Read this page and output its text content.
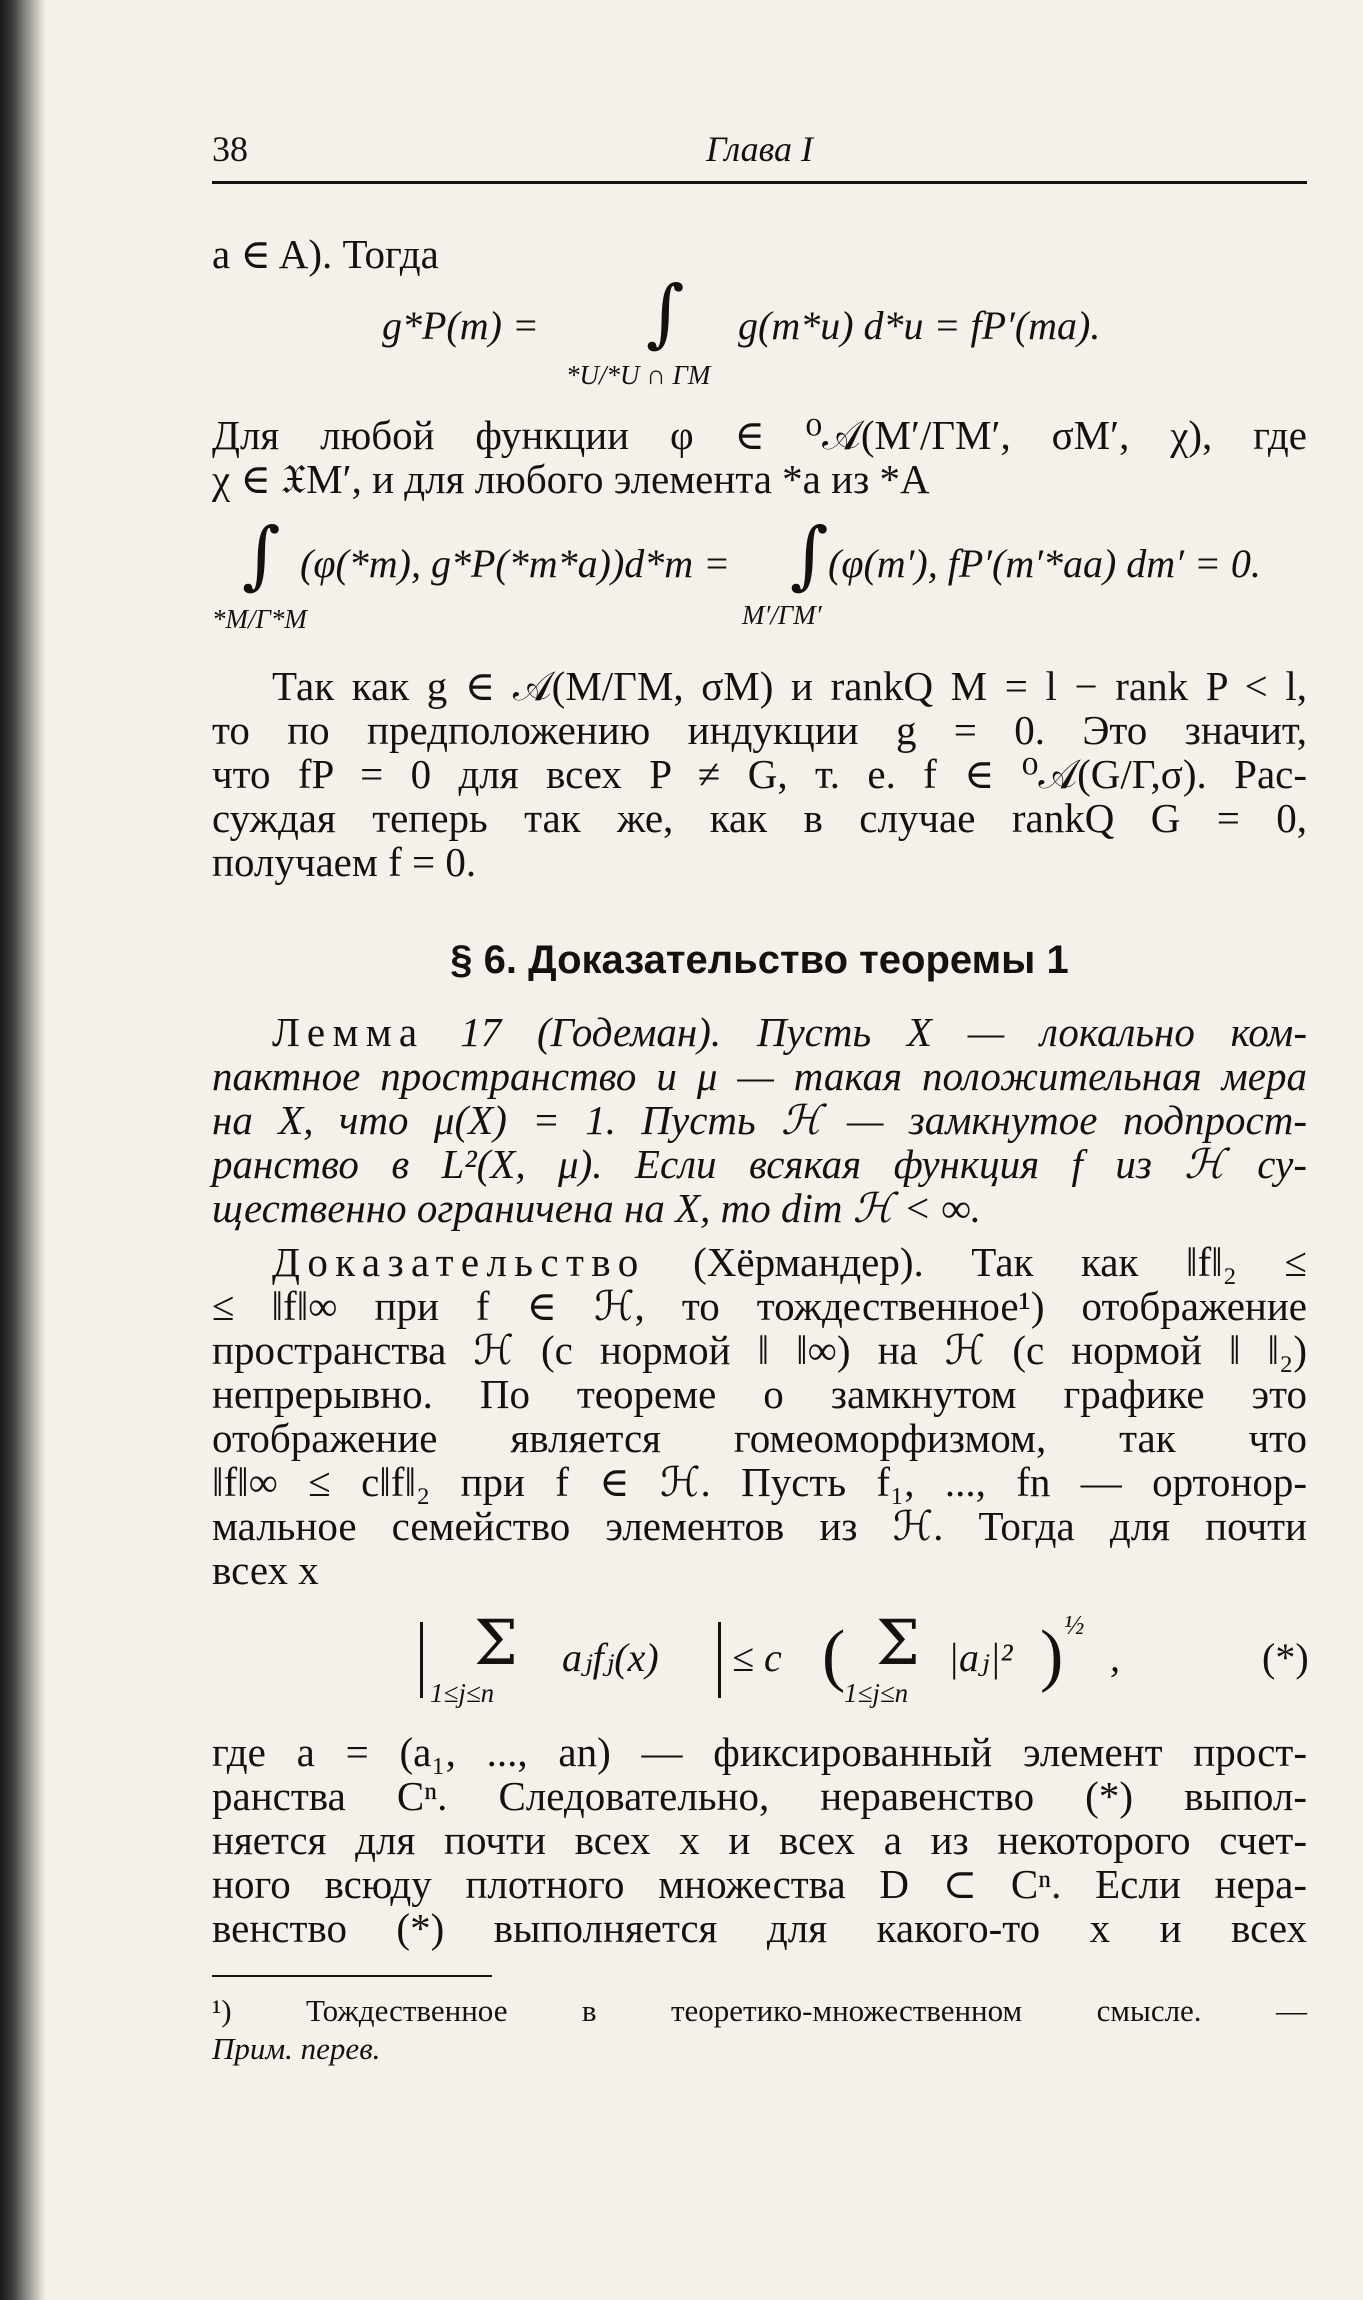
38	Глава I
a ∈ A). Тогда
g*P(m) = ∫ g(m*u) d*u = fP′(ma).
*U/*U ∩ ΓM
Для любой функции φ ∈ ⁰𝒜(M′/ΓM′, σM′, χ), где
χ ∈ 𝔛M′, и для любого элемента *a из *A
∫ (φ(*m), g*P(*m*a))d*m = ∫ (φ(m′), fP′(m′*aa) dm′ = 0.
*M/Γ*M	M′/ΓM′
Так как g ∈ 𝒜(M/ΓM, σM) и rankQ M = l − rank P < l,
то по предположению индукции g = 0. Это значит,
что fP = 0 для всех P ≠ G, т. е. f ∈ ⁰𝒜(G/Γ,σ). Рас-
суждая теперь так же, как в случае rankQ G = 0,
получаем f = 0.
§ 6. Доказательство теоремы 1
Лемма 17 (Годеман). Пусть X — локально ком-
пактное пространство и μ — такая положительная мера
на X, что μ(X) = 1. Пусть ℋ — замкнутое подпрост-
ранство в L²(X, μ). Если всякая функция f из ℋ су-
щественно ограничена на X, то dim ℋ < ∞.
Доказательство (Хёрмандер). Так как ‖f‖₂ ≤
≤ ‖f‖∞ при f ∈ ℋ, то тождественное¹) отображение
пространства ℋ (с нормой ‖ ‖∞) на ℋ (с нормой ‖ ‖₂)
непрерывно. По теореме о замкнутом графике это
отображение является гомеоморфизмом, так что
‖f‖∞ ≤ c‖f‖₂ при f ∈ ℋ. Пусть f₁, ..., fn — ортонор-
мальное семейство элементов из ℋ. Тогда для почти
всех x
Σ aⱼfⱼ(x) ≤ c ( Σ |aⱼ|² ) ½
,
1≤j≤n	1≤j≤n
(*)
где a = (a₁, ..., an) — фиксированный элемент прост-
ранства Cⁿ. Следовательно, неравенство (*) выпол-
няется для почти всех x и всех a из некоторого счет-
ного всюду плотного множества D ⊂ Cⁿ. Если нера-
венство (*) выполняется для какого-то x и всех
¹) Тождественное в теоретико-множественном смысле. —
Прим. перев.
